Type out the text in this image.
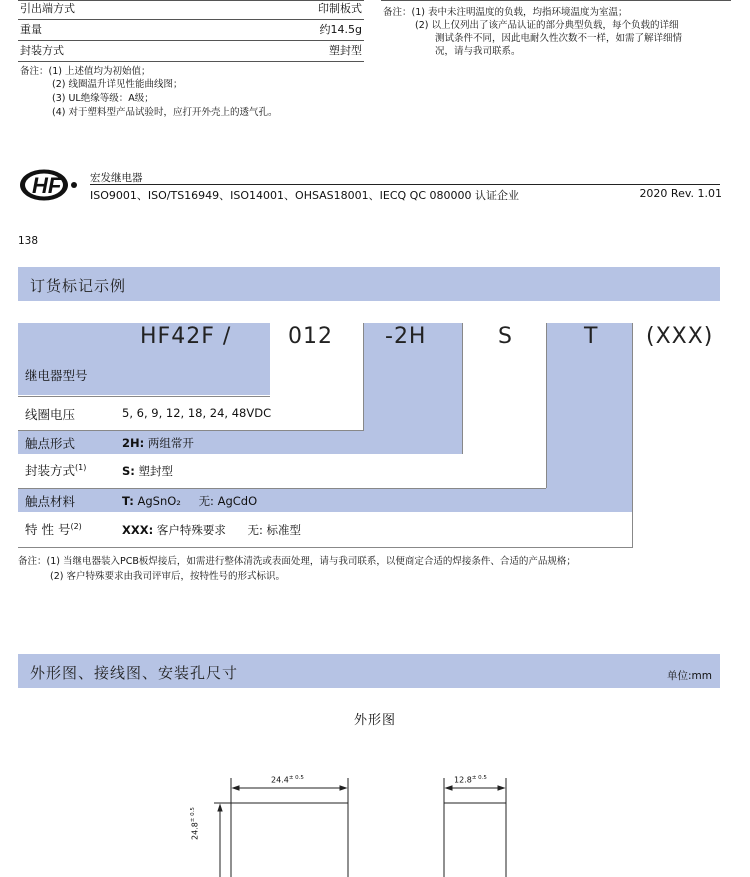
引出端方式	印制板式
重量	约14.5g
封装方式	塑封型
备注：(1) 上述值均为初始值；
(2) 线圈温升详见性能曲线图；
(3) UL绝缘等级：A级；
(4) 对于塑料型产品试验时，应打开外壳上的透气孔。
备注：(1) 表中未注明温度的负载，均指环境温度为室温；
(2) 以上仅列出了该产品认证的部分典型负载，每个负载的详细
测试条件不同，因此电耐久性次数不一样，如需了解详细情
况，请与我司联系。
HF	宏发继电器
ISO9001、ISO/TS16949、ISO14001、OHSAS18001、IECQ QC 080000 认证企业	2020 Rev. 1.01
138
订货标记示例
HF42F /	012 -2H	S	T (XXX)
继电器型号
线圈电压	5, 6, 9, 12, 18, 24, 48VDC
触点形式	2H: 两组常开
封装方式$^{(1)}$	S: 塑封型
触点材料	T: AgSnO₂ 无: AgCdO
特 性 号$^{(2)}$	XXX: 客户特殊要求 无: 标准型
备注：(1) 当继电器装入PCB板焊接后，如需进行整体清洗或表面处理，请与我司联系，以便商定合适的焊接条件、合适的产品规格；
(2) 客户特殊要求由我司评审后，按特性号的形式标识。
外形图、接线图、安装孔尺寸	单位:mm
外形图
$24.4^{\pm 0.5}$	$12.8^{\pm 0.5}$
$24.8^{\pm 0.5}$
